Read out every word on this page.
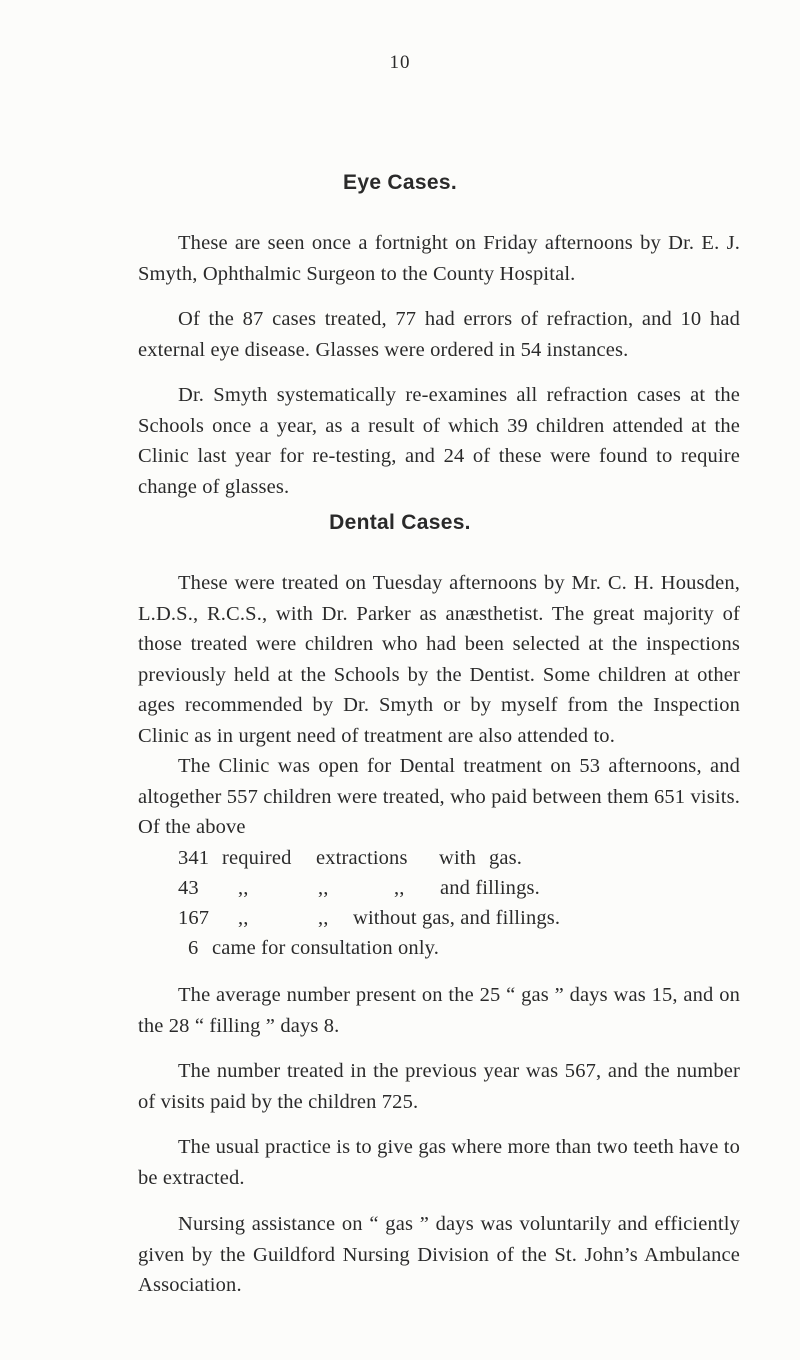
10
Eye Cases.

These are seen once a fortnight on Friday afternoons by Dr. E. J. Smyth, Ophthalmic Surgeon to the County Hospital.

Of the 87 cases treated, 77 had errors of refraction, and 10 had external eye disease. Glasses were ordered in 54 instances.

Dr. Smyth systematically re-examines all refraction cases at the Schools once a year, as a result of which 39 children attended at the Clinic last year for re-testing, and 24 of these were found to require change of glasses.

Dental Cases.

These were treated on Tuesday afternoons by Mr. C. H. Housden, L.D.S., R.C.S., with Dr. Parker as anæsthetist. The great majority of those treated were children who had been selected at the inspections previously held at the Schools by the Dentist. Some children at other ages recommended by Dr. Smyth or by myself from the Inspection Clinic as in urgent need of treatment are also attended to.

The Clinic was open for Dental treatment on 53 afternoons, and altogether 557 children were treated, who paid between them 651 visits. Of the above

341 required extractions with gas.
43 ,,	,,	,, and fillings.
167 ,,	,, without gas, and fillings.
6 came for consultation only.

The average number present on the 25 “ gas ” days was 15, and on the 28 “ filling ” days 8.

The number treated in the previous year was 567, and the number of visits paid by the children 725.

The usual practice is to give gas where more than two teeth have to be extracted.

Nursing assistance on “ gas ” days was voluntarily and efficiently given by the Guildford Nursing Division of the St. John’s Ambulance Association.
